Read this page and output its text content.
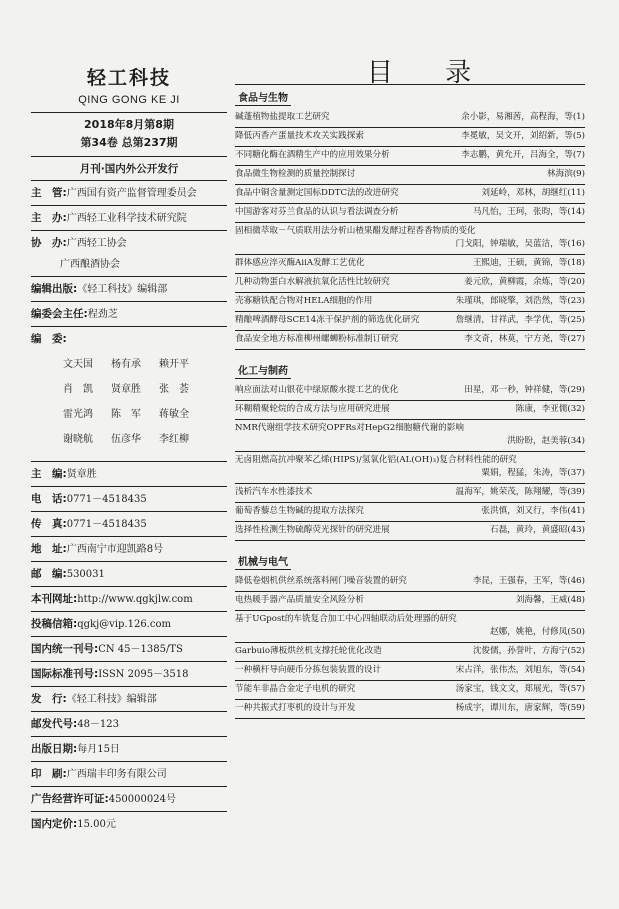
轻工科技
QING GONG KE JI
2018年8月第8期
第34卷 总第237期
月刊·国内外公开发行
主　管:广西国有资产监督管理委员会
主　办:广西轻工业科学技术研究院
协　办:广西轻工协会
广西酿酒协会
编辑出版:《轻工科技》编辑部
编委会主任:程劲芝
编　委:
文天国	杨有承	赖开平
肖　凯	贤章胜	张　荟
雷光鸿	陈　军	蒋敏全
谢晓航	伍彦华	李红柳
主　编:贤章胜
电　话:0771－4518435
传　真:0771－4518435
地　址:广西南宁市迎凯路8号
邮　编:530031
本刊网址:http://www.qgkjlw.com
投稿信箱:qgkj@vip.126.com
国内统一刊号:CN 45－1385/TS
国际标准刊号:ISSN 2095－3518
发　行:《轻工科技》编辑部
邮发代号:48－123
出版日期:每月15日
印　刷:广西瑞丰印务有限公司
广告经营许可证:450000024号
国内定价:15.00元
目 录
食品与生物
碱蓬植物盐提取工艺研究	余小影，易湘茜，高程海，等(1)
降低丙香产蛋量技术攻关实践探索	李冕敏，吴文开，刘绍新，等(5)
不同糖化酶在酒精生产中的应用效果分析	李志鹏，黄允开，吕海全，等(7)
食品微生物检测的质量控制探讨	林海滨(9)
食品中铜含量测定国标DDTC法的改进研究	刘延岭，邓林，胡继红(11)
中国游客对芬兰食品的认识与看法调查分析	马凡怡，王珂，张昀，等(14)
固相微萃取－气质联用法分析山楂果醋发酵过程香香物质的变化
门戈阳，钟瑞敏，吴蓝洁，等(16)
群体感应淬灭酶AiiA发酵工艺优化	王熙迪，王硕，黄锦，等(18)
几种动物蛋白水解液抗氧化活性比较研究	姜元欣，黄柳霞，余炼，等(20)
壳寡糖铁配合物对HELA细胞的作用	朱瑾琪，郎晓擎，刘浩然，等(23)
精酿啤酒酵母SCE14冻干保护剂的筛选优化研究	詹继清，甘祥武，李学优，等(25)
食品安全地方标准柳州螺蛳粉标准制订研究	李文奇，林莫，宁方尧，等(27)
化工与制药
响应面法对山银花中绿原酸水提工艺的优化	田星，邓一秒，钟祥健，等(29)
环糊精聚轮烷的合成方法与应用研究进展	陈康，李亚儒(32)
NMR代谢组学技术研究OPFRs对HepG2细胞糖代谢的影响
洪盼盼，赵美蓉(34)
无卤阻燃高抗冲聚苯乙烯(HIPS)/氢氧化铝(AL(OH)₃)复合材料性能的研究
粟娟，程猛，朱涛，等(37)
浅析汽车水性漆技术	温海军，姚荣茂，陈翔耀，等(39)
葡萄香藜总生物碱的提取方法探究	张洪慎，刘又行，李伟(41)
选择性检测生物硫醇荧光探针的研究进展	石磊，黄玲，黄盛昭(43)
机械与电气
降低卷烟机供丝系统落料闸门噪音装置的研究	李昆，王强春，王军，等(46)
电热暖手器产品质量安全风险分析	刘海馨，王威(48)
基于UGpost的车铣复合加工中心四轴联动后处理器的研究
赵娜，姚艳，付修凤(50)
Garbuio薄板烘丝机支撑托轮优化改造	沈俊儒，孙誉叶，方海宁(52)
一种横杆导向硬币分拣包装装置的设计	宋占洋，张伟杰，刘旭东，等(54)
节能车非晶合金定子电机的研究	汤家宝，钱文文，郑展光，等(57)
一种共振式打枣机的设计与开发	杨成宇，谭川东，唐家辉，等(59)
